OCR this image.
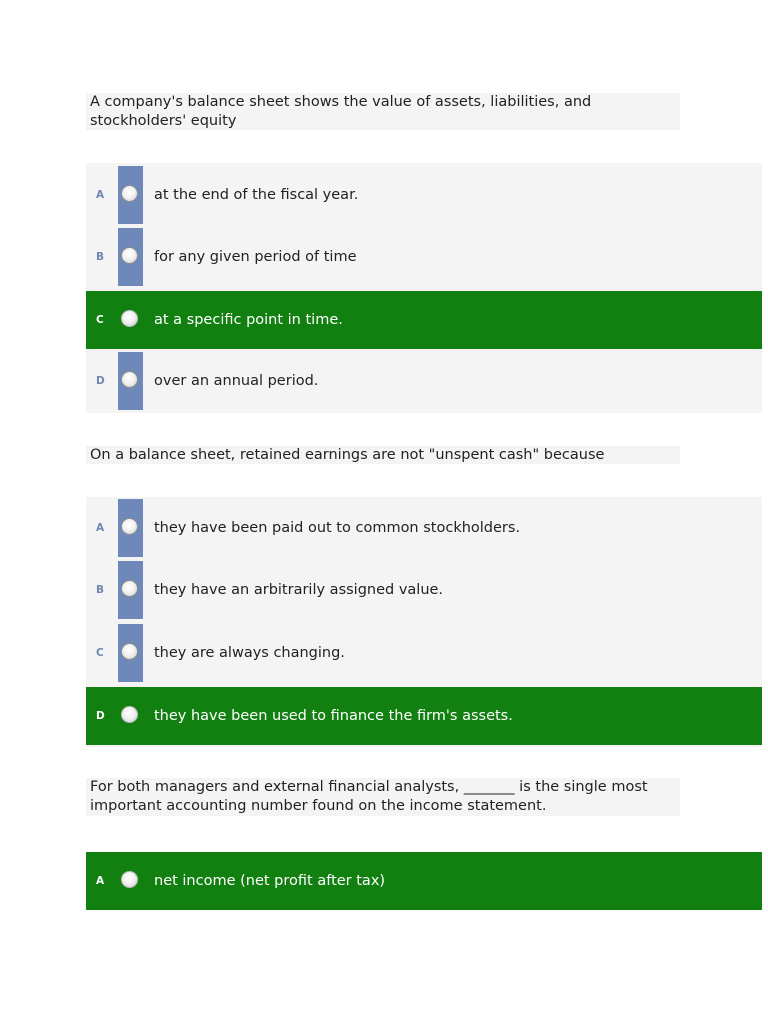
A company's balance sheet shows the value of assets, liabilities, and stockholders' equity
A	at the end of the fiscal year.
B	for any given period of time
C	at a specific point in time.
D	over an annual period.
On a balance sheet, retained earnings are not "unspent cash" because
A	they have been paid out to common stockholders.
B	they have an arbitrarily assigned value.
C	they are always changing.
D	they have been used to finance the firm's assets.
For both managers and external financial analysts, _______ is the single most important accounting number found on the income statement.
A	net income (net profit after tax)
